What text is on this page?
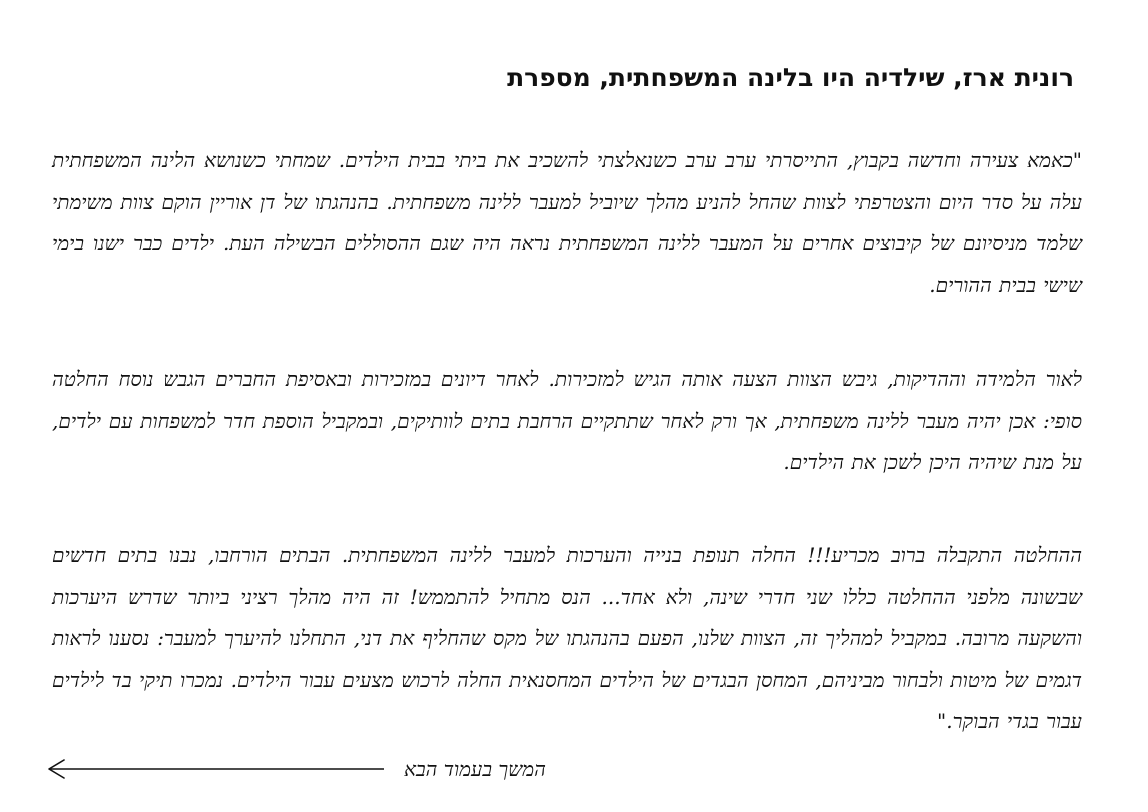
רונית ארז, שילדיה היו בלינה המשפחתית, מספרת
"כאמא צעירה וחדשה בקבוץ, התייסרתי ערב ערב כשנאלצתי להשכיב את ביתי בבית הילדים. שמחתי כשנושא הלינה המשפחתית עלה על סדר היום והצטרפתי לצוות שהחל להניע מהלך שיוביל למעבר ללינה משפחתית. בהנהגתו של דן אוריין הוקם צוות משימתי שלמד מניסיונם של קיבוצים אחרים על המעבר ללינה המשפחתית נראה היה שגם ההסוללים הבשילה העת. ילדים כבר ישנו בימי שישי בבית ההורים.
לאור הלמידה וההדיקות, גיבש הצוות הצעה אותה הגיש למזכירות. לאחר דיונים במזכירות ובאסיפת החברים הגבש נוסח החלטה סופי: אכן יהיה מעבר ללינה משפחתית, אך ורק לאחר שתתקיים הרחבת בתים לוותיקים, ובמקביל הוספת חדר למשפחות עם ילדים, על מנת שיהיה היכן לשכן את הילדים.
ההחלטה התקבלה ברוב מכריע!!! החלה תנופת בנייה והערכות למעבר ללינה המשפחתית. הבתים הורחבו, נבנו בתים חדשים שבשונה מלפני ההחלטה כללו שני חדרי שינה, ולא אחד... הנס מתחיל להתממש! זה היה מהלך רציני ביותר שדרש היערכות והשקעה מרובה. במקביל למהליך זה, הצוות שלנו, הפעם בהנהגתו של מקס שהחליף את דני, התחלנו להיערך למעבר: נסענו לראות דגמים של מיטות ולבחור מביניהם, המחסן הבגדים של הילדים המחסנאית החלה לרכוש מצעים עבור הילדים. נמכרו תיקי בד לילדים עבור בגדי הבוקר."
המשך בעמוד הבא
